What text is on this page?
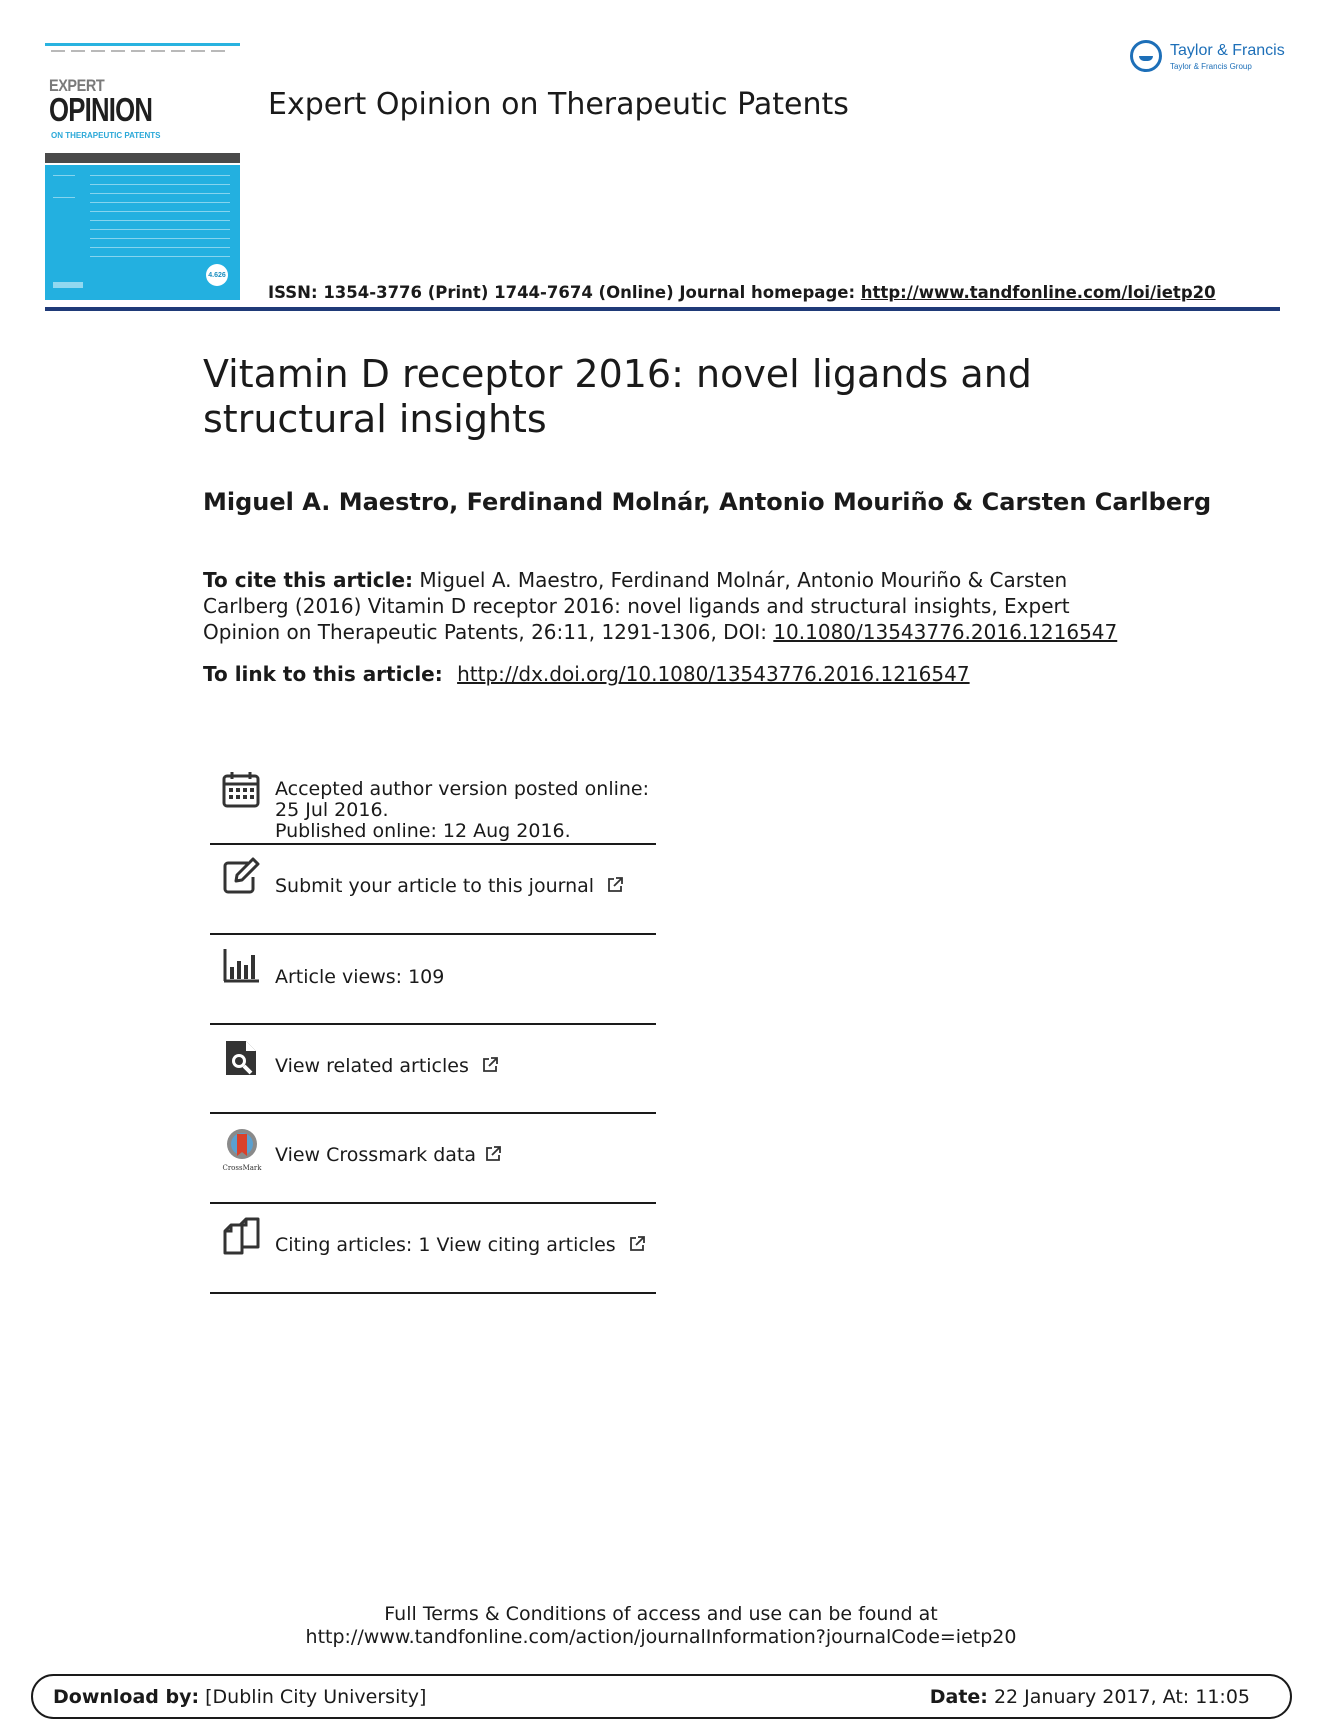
EXPERT
OPINION
ON THERAPEUTIC PATENTS
4.626
Expert Opinion on Therapeutic Patents
Taylor & Francis
Taylor & Francis Group
ISSN: 1354-3776 (Print) 1744-7674 (Online) Journal homepage: http://www.tandfonline.com/loi/ietp20
Vitamin D receptor 2016: novel ligands and structural insights
Miguel A. Maestro, Ferdinand Molnár, Antonio Mouriño & Carsten Carlberg
To cite this article: Miguel A. Maestro, Ferdinand Molnár, Antonio Mouriño & Carsten Carlberg (2016) Vitamin D receptor 2016: novel ligands and structural insights, Expert Opinion on Therapeutic Patents, 26:11, 1291-1306, DOI: 10.1080/13543776.2016.1216547
To link to this article: http://dx.doi.org/10.1080/13543776.2016.1216547
Accepted author version posted online: 25 Jul 2016.
Published online: 12 Aug 2016.
Submit your article to this journal
Article views: 109
View related articles
CrossMark
View Crossmark data
Citing articles: 1 View citing articles
Full Terms & Conditions of access and use can be found at
http://www.tandfonline.com/action/journalInformation?journalCode=ietp20
Download by: [Dublin City University]	Date: 22 January 2017, At: 11:05
